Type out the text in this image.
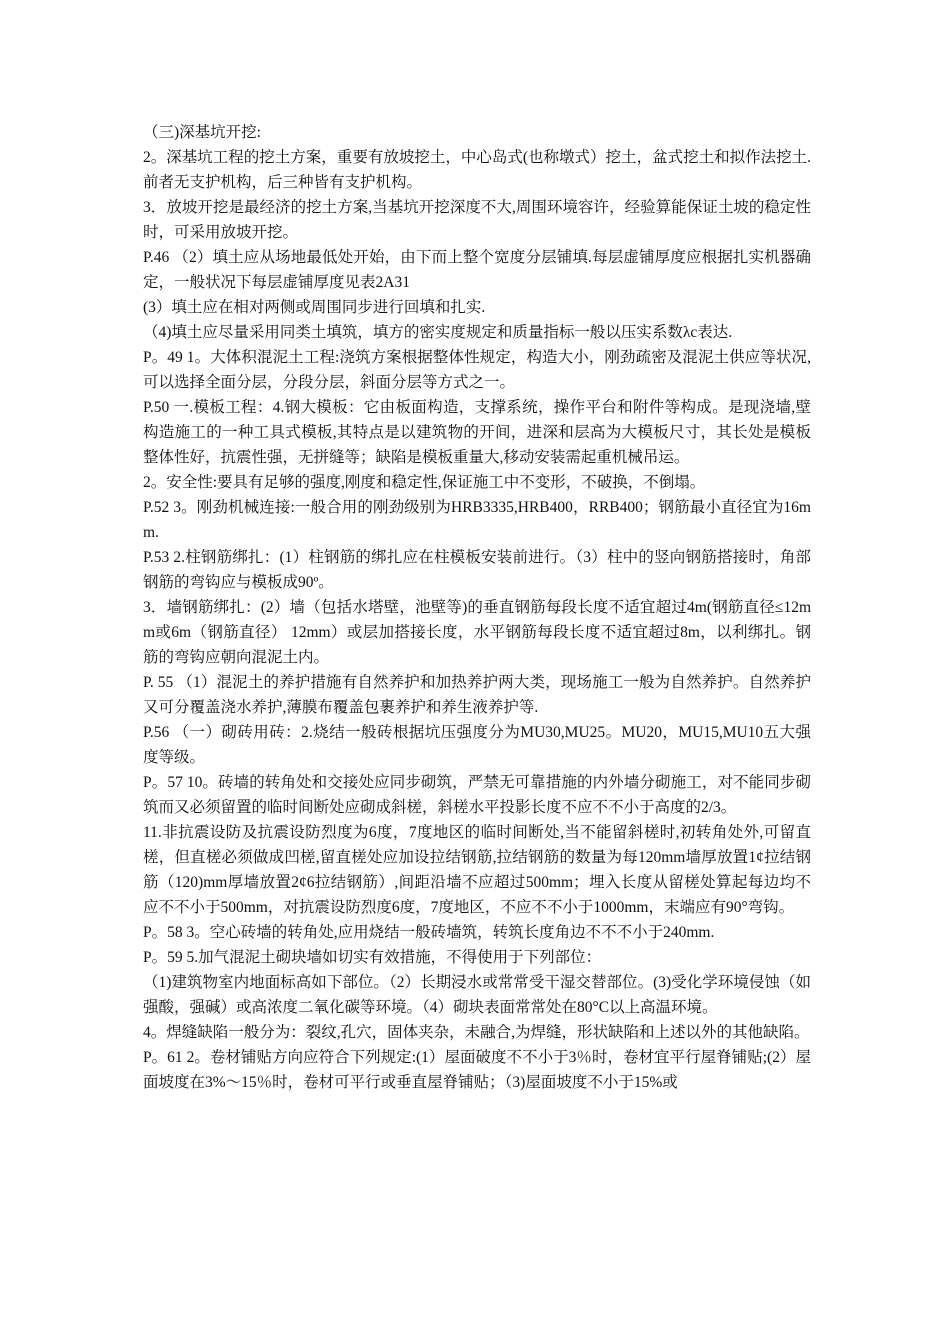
（三)深基坑开挖:

2。深基坑工程的挖土方案，重要有放坡挖土，中心岛式(也称墩式）挖土，盆式挖土和拟作法挖土.前者无支护机构，后三种皆有支护机构。

3．放坡开挖是最经济的挖土方案,当基坑开挖深度不大,周围环境容许，经验算能保证土坡的稳定性时，可采用放坡开挖。

P.46 （2）填土应从场地最低处开始，由下而上整个宽度分层铺填.每层虚铺厚度应根据扎实机器确定，一般状况下每层虚铺厚度见表2A31

(3）填土应在相对两侧或周围同步进行回填和扎实.

（4)填土应尽量采用同类土填筑，填方的密实度规定和质量指标一般以压实系数λc表达.

P。49 1。大体积混泥土工程:浇筑方案根据整体性规定，构造大小，刚劲疏密及混泥土供应等状况,可以选择全面分层，分段分层，斜面分层等方式之一。

P.50 一.模板工程：4.钢大模板：它由板面构造，支撑系统，操作平台和附件等构成。是现浇墙,壁构造施工的一种工具式模板,其特点是以建筑物的开间，进深和层高为大模板尺寸，其长处是模板整体性好，抗震性强，无拼缝等；缺陷是模板重量大,移动安装需起重机械吊运。

2。安全性:要具有足够的强度,刚度和稳定性,保证施工中不变形，不破换，不倒塌。

P.52 3。刚劲机械连接:一般合用的刚劲级别为HRB3335,HRB400，RRB400；钢筋最小直径宜为16mm.

P.53 2.柱钢筋绑扎：(1）柱钢筋的绑扎应在柱模板安装前进行。（3）柱中的竖向钢筋搭接时，角部钢筋的弯钩应与模板成90º。

3．墙钢筋绑扎：(2）墙（包括水塔壁，池壁等)的垂直钢筋每段长度不适宜超过4m(钢筋直径≤12mm或6m（钢筋直径） 12mm）或层加搭接长度，水平钢筋每段长度不适宜超过8m，以利绑扎。钢筋的弯钩应朝向混泥土内。

P. 55 （1）混泥土的养护措施有自然养护和加热养护两大类，现场施工一般为自然养护。自然养护又可分覆盖浇水养护,薄膜布覆盖包裹养护和养生液养护等.

P.56 （一）砌砖用砖：2.烧结一般砖根据坑压强度分为MU30,MU25。MU20，MU15,MU10五大强度等级。

P。57 10。砖墙的转角处和交接处应同步砌筑，严禁无可靠措施的内外墙分砌施工，对不能同步砌筑而又必须留置的临时间断处应砌成斜槎，斜槎水平投影长度不应不不小于高度的2/3。

11.非抗震设防及抗震设防烈度为6度，7度地区的临时间断处,当不能留斜槎时,初转角处外,可留直槎，但直槎必须做成凹槎,留直槎处应加设拉结钢筋,拉结钢筋的数量为每120mm墙厚放置1¢拉结钢筋（120)mm厚墙放置2¢6拉结钢筋）,间距沿墙不应超过500mm；埋入长度从留槎处算起每边均不应不不小于500mm，对抗震设防烈度6度，7度地区，不应不不小于1000mm，末端应有90°弯钩。

P。58 3。空心砖墙的转角处,应用烧结一般砖墙筑，转筑长度角边不不不小于240mm.

P。59 5.加气混泥土砌块墙如切实有效措施，不得使用于下列部位：

（1)建筑物室内地面标高如下部位。（2）长期浸水或常常受干湿交替部位。(3)受化学环境侵蚀（如强酸，强碱）或高浓度二氧化碳等环境。（4）砌块表面常常处在80°C以上高温环境。

4。焊缝缺陷一般分为：裂纹,孔穴，固体夹杂，未融合,为焊缝，形状缺陷和上述以外的其他缺陷。

P。61 2。卷材铺贴方向应符合下列规定:(1）屋面破度不不小于3％时，卷材宜平行屋脊铺贴;(2）屋面坡度在3%～15％时，卷材可平行或垂直屋脊铺贴；（3)屋面坡度不小于15%或
